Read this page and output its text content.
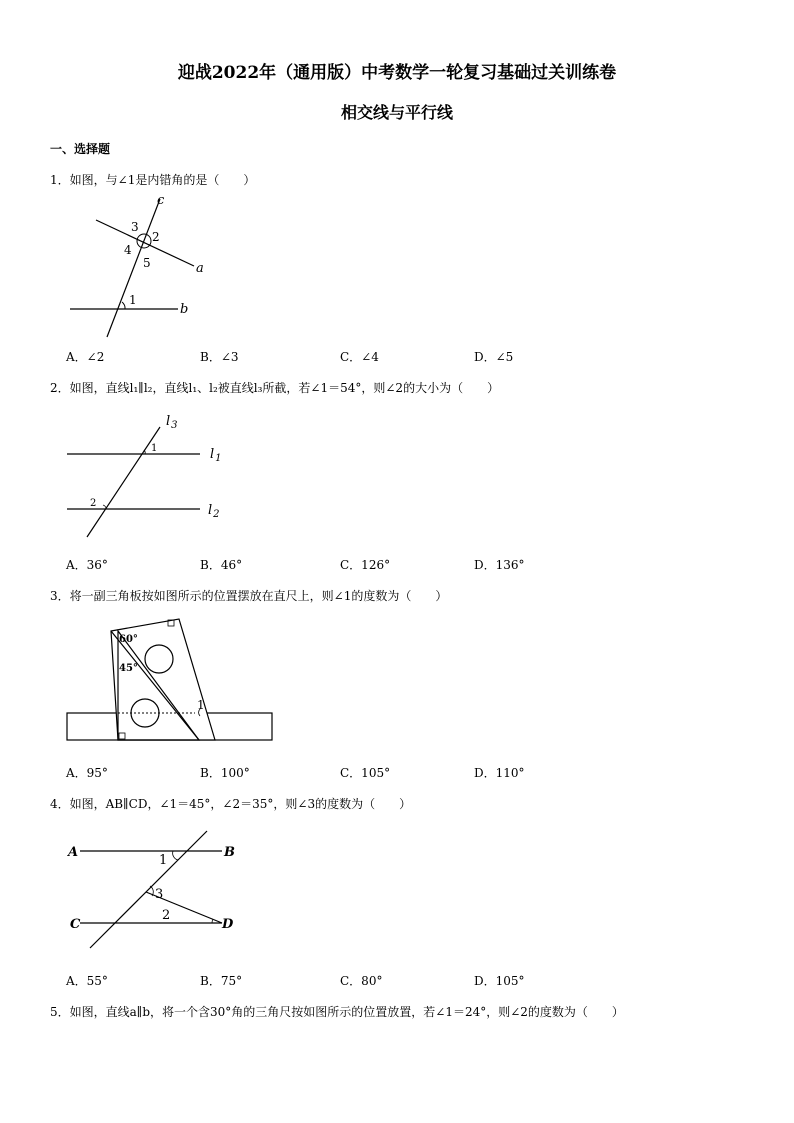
迎战2022年（通用版）中考数学一轮复习基础过关训练卷
相交线与平行线
一、选择题
1．如图，与∠1是内错角的是（　　）
c
a
b
1
2
3
4
5
A．∠2	B．∠3	C．∠4	D．∠5
2．如图，直线l₁∥l₂，直线l₁、l₂被直线l₃所截，若∠1＝54°，则∠2的大小为（　　）
$l_3$
$l_1$
$l_2$
1
2
A．36°	B．46°	C．126°	D．136°
3．将一副三角板按如图所示的位置摆放在直尺上，则∠1的度数为（　　）
60°
45°
1
A．95°	B．100°	C．105°	D．110°
4．如图，AB∥CD，∠1＝45°，∠2＝35°，则∠3的度数为（　　）
A	B
C	D
1
3
2
A．55°	B．75°	C．80°	D．105°
5．如图，直线a∥b，将一个含30°角的三角尺按如图所示的位置放置，若∠1＝24°，则∠2的度数为（　　）
